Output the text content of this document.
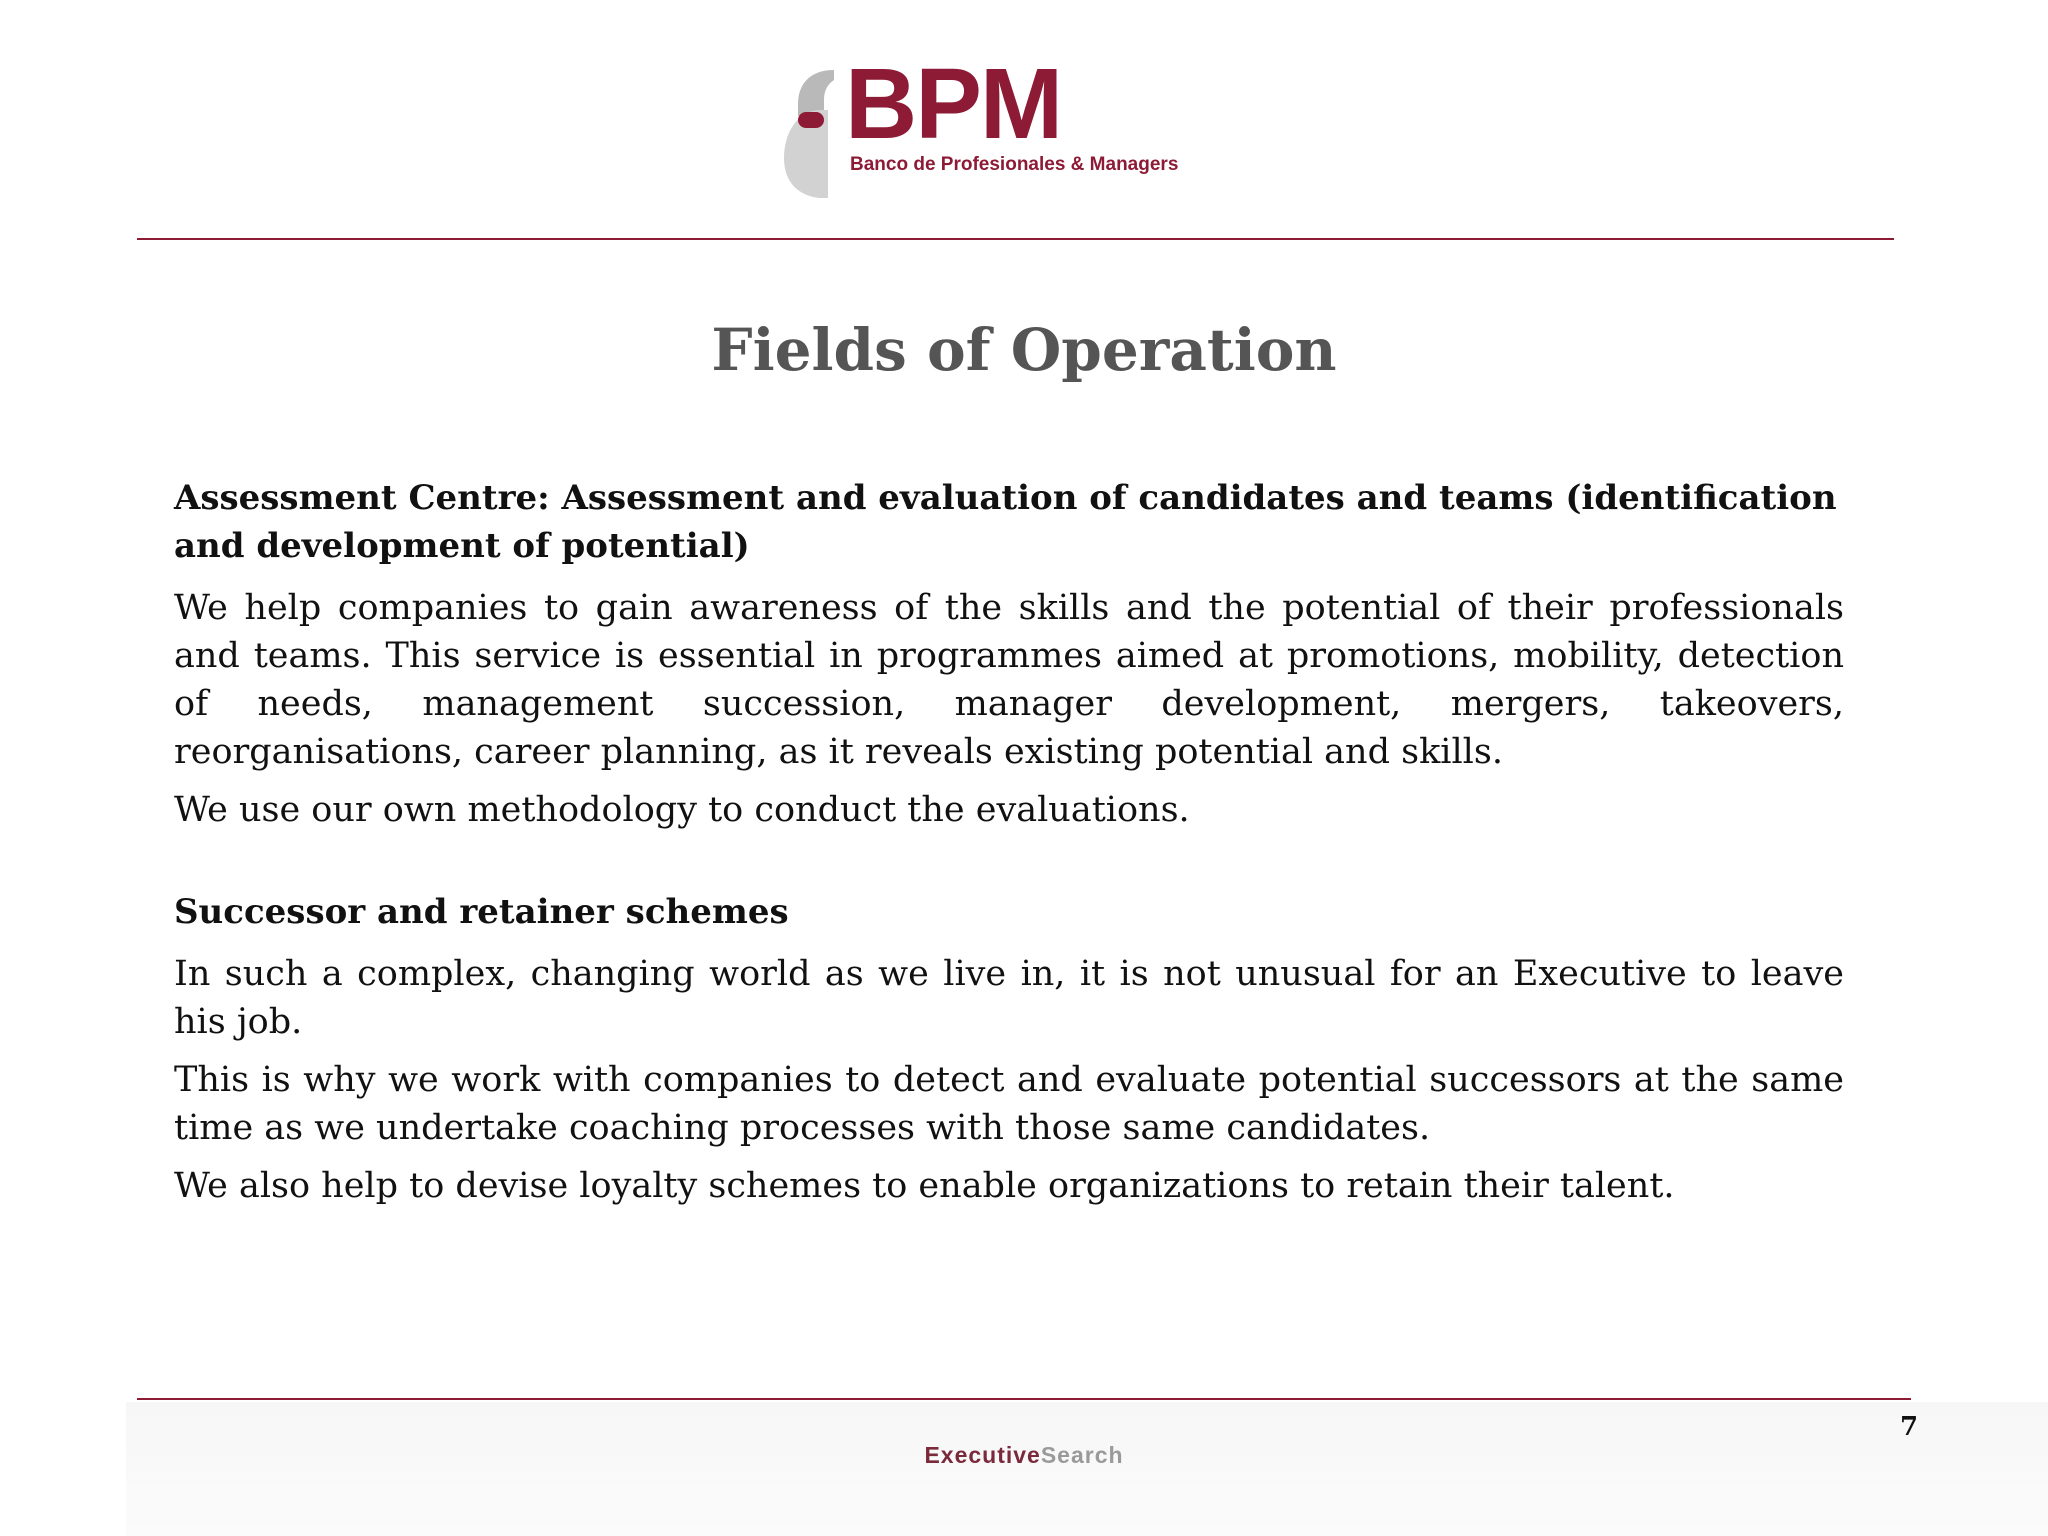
BPM
Banco de Profesionales & Managers
Fields of Operation

Assessment Centre: Assessment and evaluation of candidates and teams (identification and development of potential)

We help companies to gain awareness of the skills and the potential of their professionals and teams. This service is essential in programmes aimed at promotions, mobility, detection of needs, management succession, manager development, mergers, takeovers, reorganisations, career planning, as it reveals existing potential and skills.

We use our own methodology to conduct the evaluations.

Successor and retainer schemes

In such a complex, changing world as we live in, it is not unusual for an Executive to leave his job.

This is why we work with companies to detect and evaluate potential successors at the same time as we undertake coaching processes with those same candidates.

We also help to devise loyalty schemes to enable organizations to retain their talent.

ExecutiveSearch
7
